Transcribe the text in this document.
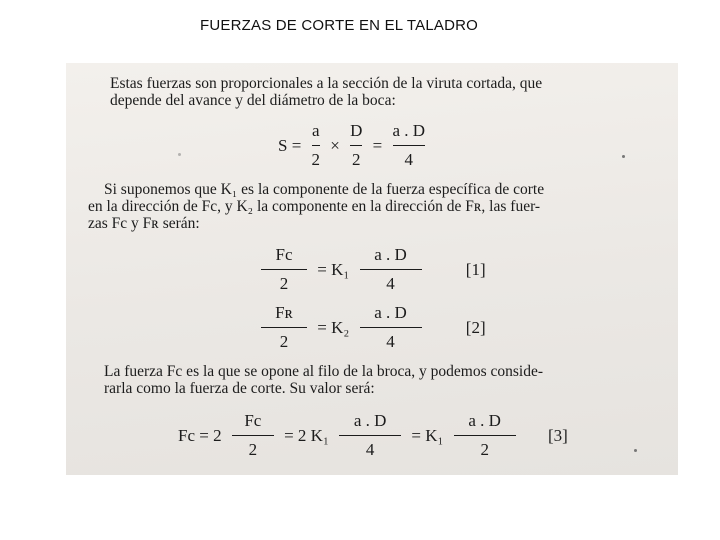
FUERZAS DE CORTE EN EL TALADRO
Estas fuerzas son proporcionales a la sección de la viruta cortada, que
depende del avance y del diámetro de la boca:
$S = \frac{a}{2} \times \frac{D}{2} = \frac{a . D}{4}$
Si suponemos que K₁ es la componente de la fuerza específica de corte
en la dirección de Fc, y K₂ la componente en la dirección de Fʀ, las fuer-
zas Fc y Fʀ serán:
$\frac{Fc}{2} = K_1 \frac{a . D}{4}$	[1]
$\frac{\text{Fʀ}}{2} = K_2 \frac{a . D}{4}$	[2]
La fuerza Fc es la que se opone al filo de la broca, y podemos conside-
rarla como la fuerza de corte. Su valor será:
$Fc = 2 \frac{Fc}{2} = 2$ $K_1 \frac{a . D}{4} = K_1 \frac{a . D}{2} [3]$
